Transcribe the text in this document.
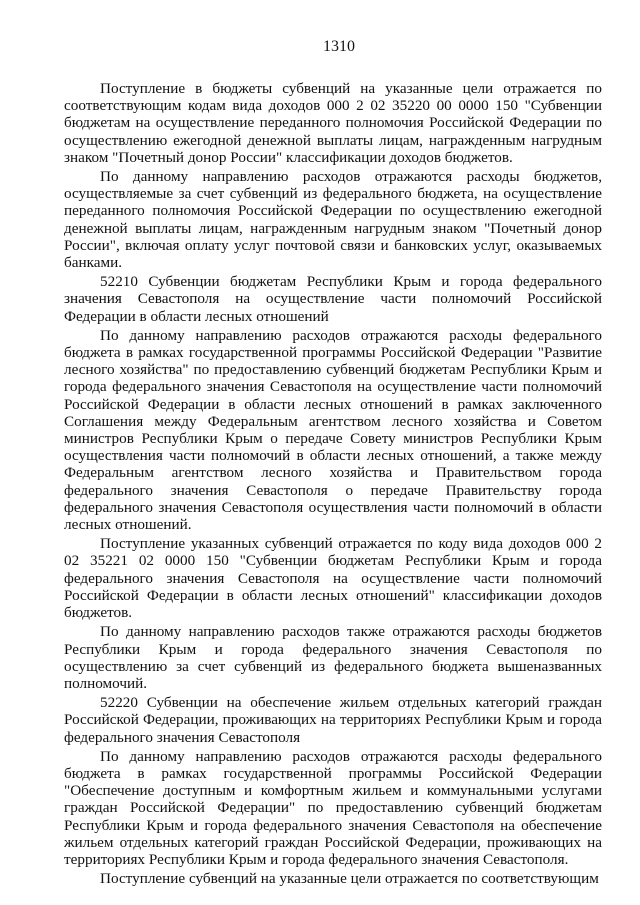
1310

Поступление в бюджеты субвенций на указанные цели отражается по соответствующим кодам вида доходов 000 2 02 35220 00 0000 150 "Субвенции бюджетам на осуществление переданного полномочия Российской Федерации по осуществлению ежегодной денежной выплаты лицам, награжденным нагрудным знаком "Почетный донор России" классификации доходов бюджетов.

По данному направлению расходов отражаются расходы бюджетов, осуществляемые за счет субвенций из федерального бюджета, на осуществление переданного полномочия Российской Федерации по осуществлению ежегодной денежной выплаты лицам, награжденным нагрудным знаком "Почетный донор России", включая оплату услуг почтовой связи и банковских услуг, оказываемых банками.

52210 Субвенции бюджетам Республики Крым и города федерального значения Севастополя на осуществление части полномочий Российской Федерации в области лесных отношений

По данному направлению расходов отражаются расходы федерального бюджета в рамках государственной программы Российской Федерации "Развитие лесного хозяйства" по предоставлению субвенций бюджетам Республики Крым и города федерального значения Севастополя на осуществление части полномочий Российской Федерации в области лесных отношений в рамках заключенного Соглашения между Федеральным агентством лесного хозяйства и Советом министров Республики Крым о передаче Совету министров Республики Крым осуществления части полномочий в области лесных отношений, а также между Федеральным агентством лесного хозяйства и Правительством города федерального значения Севастополя о передаче Правительству города федерального значения Севастополя осуществления части полномочий в области лесных отношений.

Поступление указанных субвенций отражается по коду вида доходов 000 2 02 35221 02 0000 150 "Субвенции бюджетам Республики Крым и города федерального значения Севастополя на осуществление части полномочий Российской Федерации в области лесных отношений" классификации доходов бюджетов.

По данному направлению расходов также отражаются расходы бюджетов Республики Крым и города федерального значения Севастополя по осуществлению за счет субвенций из федерального бюджета вышеназванных полномочий.

52220 Субвенции на обеспечение жильем отдельных категорий граждан Российской Федерации, проживающих на территориях Республики Крым и города федерального значения Севастополя

По данному направлению расходов отражаются расходы федерального бюджета в рамках государственной программы Российской Федерации "Обеспечение доступным и комфортным жильем и коммунальными услугами граждан Российской Федерации" по предоставлению субвенций бюджетам Республики Крым и города федерального значения Севастополя на обеспечение жильем отдельных категорий граждан Российской Федерации, проживающих на территориях Республики Крым и города федерального значения Севастополя.

Поступление субвенций на указанные цели отражается по соответствующим
